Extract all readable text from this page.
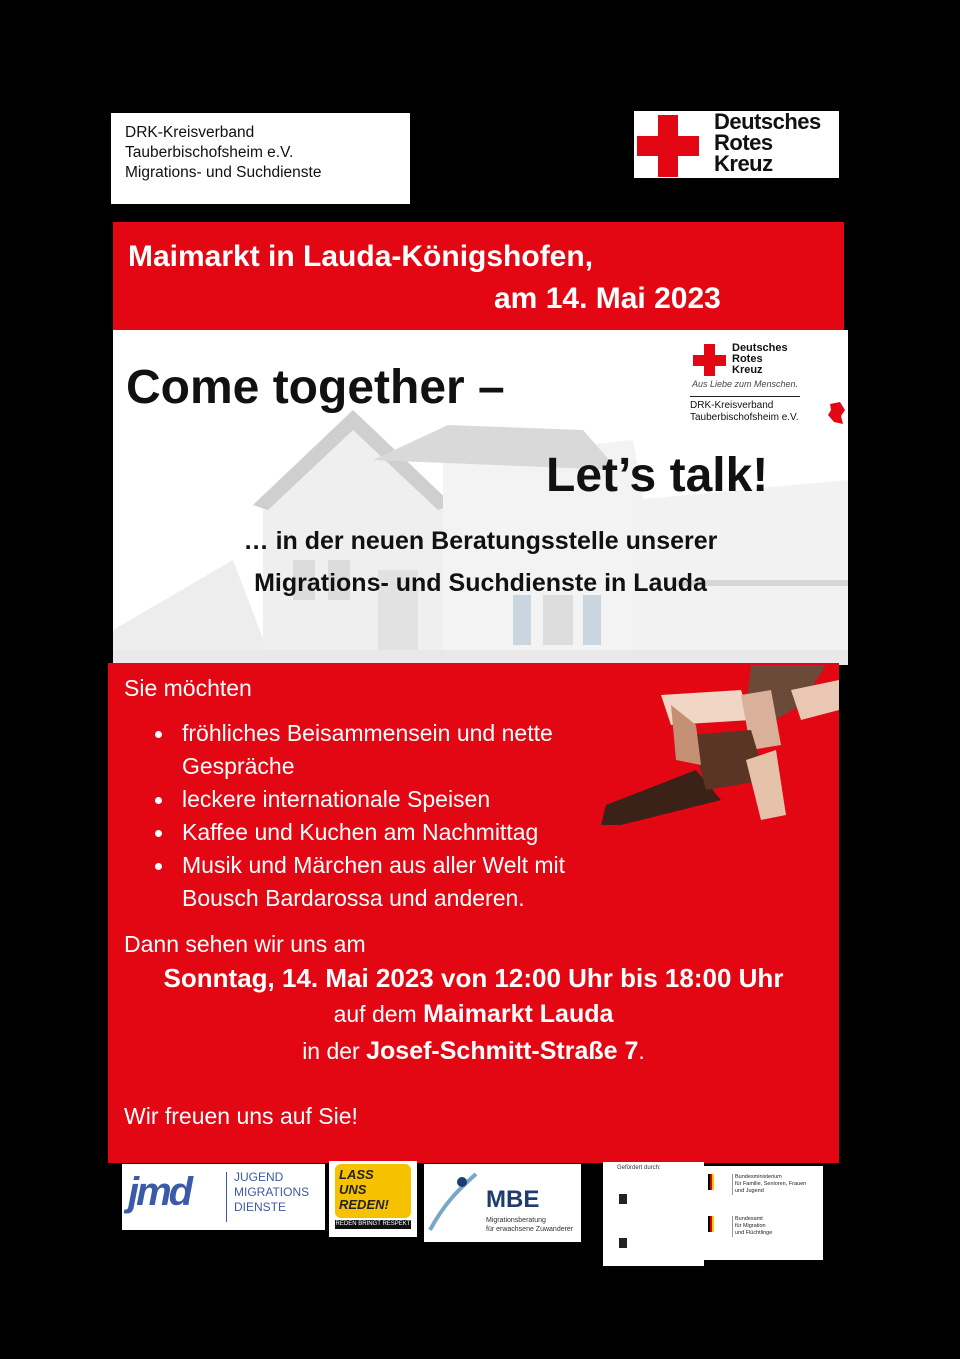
DRK-Kreisverband
Tauberbischofsheim e.V.
Migrations- und Suchdienste
Deutsches
Rotes
Kreuz
Maimarkt in Lauda-Königshofen,
am 14. Mai 2023
Come together –
Let’s talk!
… in der neuen Beratungsstelle unserer
Migrations- und Suchdienste in Lauda
Deutsches
Rotes
Kreuz
Aus Liebe zum Menschen.
DRK-Kreisverband
Tauberbischofsheim e.V.
Sie möchten
fröhliches Beisammensein und nette
Gespräche
leckere internationale Speisen
Kaffee und Kuchen am Nachmittag
Musik und Märchen aus aller Welt mit
Bousch Bardarossa und anderen.
Dann sehen wir uns am
Sonntag, 14. Mai 2023 von 12:00 Uhr bis 18:00 Uhr
auf dem Maimarkt Lauda
in der Josef-Schmitt-Straße 7.
Wir freuen uns auf Sie!
jmd	JUGEND
MIGRATIONS
DIENSTE
LASS
UNS
REDEN!
REDEN BRINGT RESPEKT
MBE
Migrationsberatung
für erwachsene Zuwanderer
Gefördert durch:
Bundesministerium
für Familie, Senioren, Frauen
und Jugend
Bundesamt
für Migration
und Flüchtlinge
